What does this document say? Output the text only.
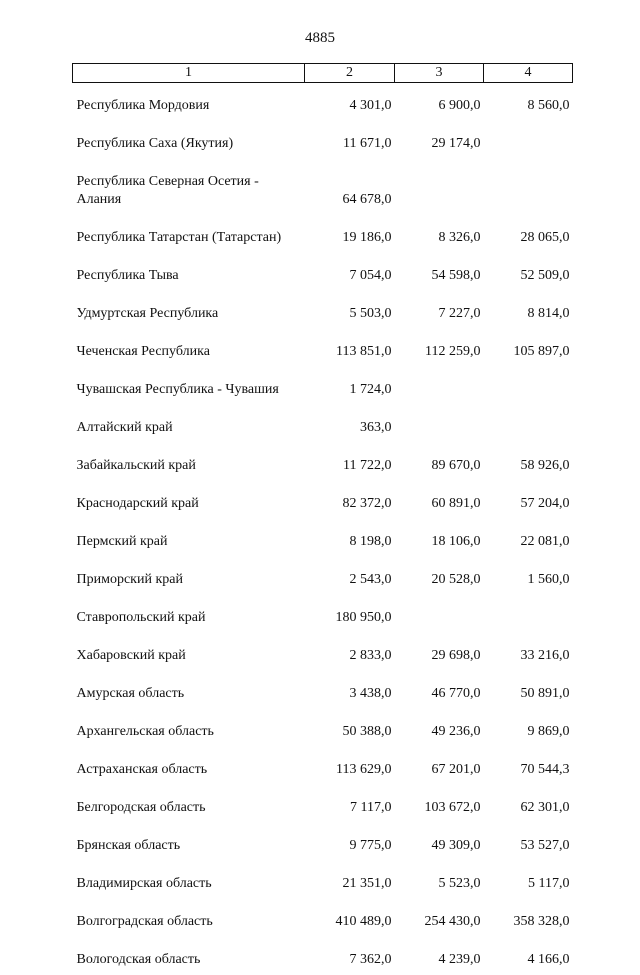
4885
1	2	3	4
Республика Мордовия	4 301,0	6 900,0	8 560,0
Республика Саха (Якутия)	11 671,0	29 174,0	
Республика Северная Осетия - Алания	64 678,0		
Республика Татарстан (Татарстан)	19 186,0	8 326,0	28 065,0
Республика Тыва	7 054,0	54 598,0	52 509,0
Удмуртская Республика	5 503,0	7 227,0	8 814,0
Чеченская Республика	113 851,0	112 259,0	105 897,0
Чувашская Республика - Чувашия	1 724,0		
Алтайский край	363,0		
Забайкальский край	11 722,0	89 670,0	58 926,0
Краснодарский край	82 372,0	60 891,0	57 204,0
Пермский край	8 198,0	18 106,0	22 081,0
Приморский край	2 543,0	20 528,0	1 560,0
Ставропольский край	180 950,0		
Хабаровский край	2 833,0	29 698,0	33 216,0
Амурская область	3 438,0	46 770,0	50 891,0
Архангельская область	50 388,0	49 236,0	9 869,0
Астраханская область	113 629,0	67 201,0	70 544,3
Белгородская область	7 117,0	103 672,0	62 301,0
Брянская область	9 775,0	49 309,0	53 527,0
Владимирская область	21 351,0	5 523,0	5 117,0
Волгоградская область	410 489,0	254 430,0	358 328,0
Вологодская область	7 362,0	4 239,0	4 166,0
